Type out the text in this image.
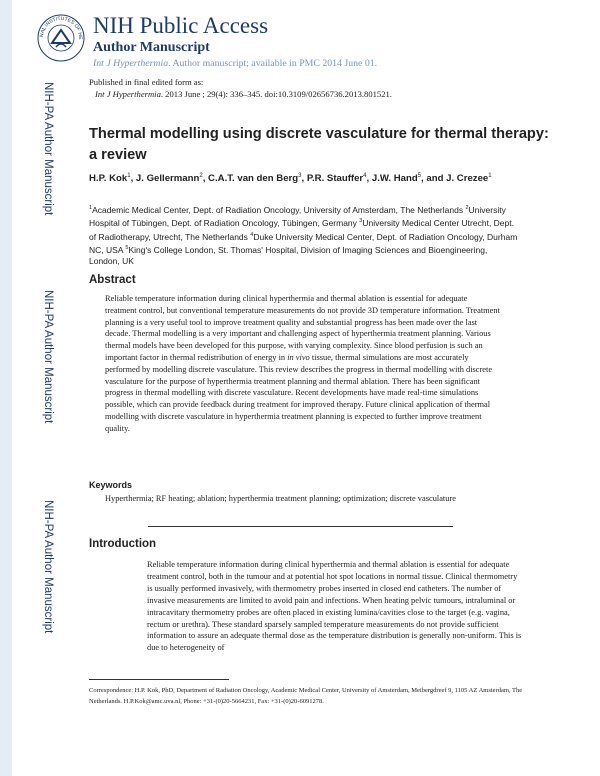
NIH-PA Author Manuscript
NIH-PA Author Manuscript
NIH-PA Author Manuscript
NAL INSTITUTES OF HE NIH Public Access
Author Manuscript
Int J Hyperthermia. Author manuscript; available in PMC 2014 June 01.
Published in final edited form as:
Int J Hyperthermia. 2013 June ; 29(4): 336–345. doi:10.3109/02656736.2013.801521.
Thermal modelling using discrete vasculature for thermal therapy: a review
H.P. Kok$^1$, J. Gellermann$^2$, C.A.T. van den Berg$^3$, P.R. Stauffer$^4$, J.W. Hand$^5$, and J. Crezee$^1$
$^1$Academic Medical Center, Dept. of Radiation Oncology, University of Amsterdam, The Netherlands $^2$University Hospital of Tübingen, Dept. of Radiation Oncology, Tübingen, Germany $^3$University Medical Center Utrecht, Dept. of Radiotherapy, Utrecht, The Netherlands $^4$Duke University Medical Center, Dept. of Radiation Oncology, Durham NC, USA $^5$King's College London, St. Thomas' Hospital, Division of Imaging Sciences and Bioengineering, London, UK
Abstract
Reliable temperature information during clinical hyperthermia and thermal ablation is essential for adequate treatment control, but conventional temperature measurements do not provide 3D temperature information. Treatment planning is a very useful tool to improve treatment quality and substantial progress has been made over the last decade. Thermal modelling is a very important and challenging aspect of hyperthermia treatment planning. Various thermal models have been developed for this purpose, with varying complexity. Since blood perfusion is such an important factor in thermal redistribution of energy in in vivo tissue, thermal simulations are most accurately performed by modelling discrete vasculature. This review describes the progress in thermal modelling with discrete vasculature for the purpose of hyperthermia treatment planning and thermal ablation. There has been significant progress in thermal modelling with discrete vasculature. Recent developments have made real-time simulations possible, which can provide feedback during treatment for improved therapy. Future clinical application of thermal modelling with discrete vasculature in hyperthermia treatment planning is expected to further improve treatment quality.
Keywords
Hyperthermia; RF heating; ablation; hyperthermia treatment planning; optimization; discrete vasculature
Introduction
Reliable temperature information during clinical hyperthermia and thermal ablation is essential for adequate treatment control, both in the tumour and at potential hot spot locations in normal tissue. Clinical thermometry is usually performed invasively, with thermometry probes inserted in closed end catheters. The number of invasive measurements are limited to avoid pain and infections. When heating pelvic tumours, intraluminal or intracavitary thermometry probes are often placed in existing lumina/cavities close to the target (e.g. vagina, rectum or urethra). These standard sparsely sampled temperature measurements do not provide sufficient information to assure an adequate thermal dose as the temperature distribution is generally non-uniform. This is due to heterogeneity of
Correspondence: H.P. Kok, PhD, Department of Radiation Oncology, Academic Medical Center, University of Amsterdam, Meibergdreef 9, 1105 AZ Amsterdam, The Netherlands. H.P.Kok@amc.uva.nl, Phone: +31-(0)20-5664231, Fax: +31-(0)20-6091278.
